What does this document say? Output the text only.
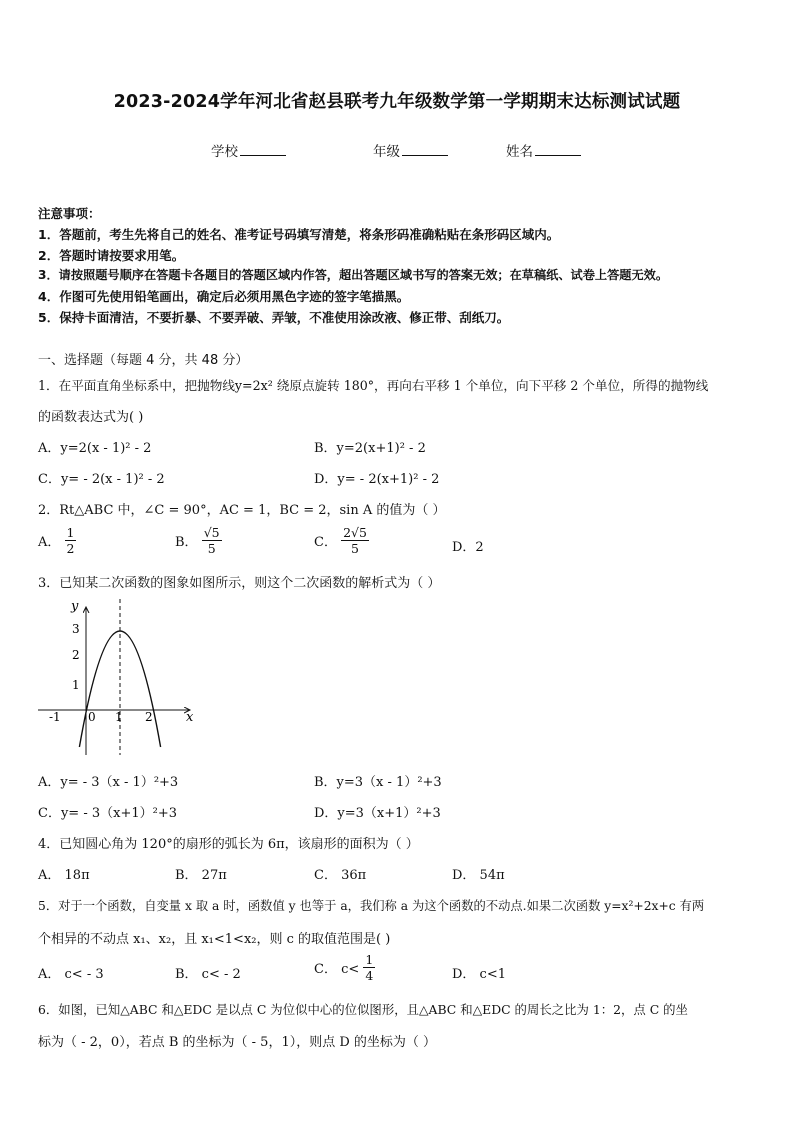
2023-2024学年河北省赵县联考九年级数学第一学期期末达标测试试题
学校	年级	姓名
注意事项：
1．答题前，考生先将自己的姓名、准考证号码填写清楚，将条形码准确粘贴在条形码区域内。
2．答题时请按要求用笔。
3．请按照题号顺序在答题卡各题目的答题区域内作答，超出答题区域书写的答案无效；在草稿纸、试卷上答题无效。
4．作图可先使用铅笔画出，确定后必须用黑色字迹的签字笔描黑。
5．保持卡面清洁，不要折暴、不要弄破、弄皱，不准使用涂改液、修正带、刮纸刀。
一、选择题（每题 4 分，共 48 分）
1．在平面直角坐标系中，把抛物线y=2x² 绕原点旋转 180°，再向右平移 1 个单位，向下平移 2 个单位，所得的抛物线
的函数表达式为( )
A．y=2(x - 1)² - 2	B．y=2(x+1)² - 2
C．y= - 2(x - 1)² - 2	D．y= - 2(x+1)² - 2
2．Rt△ABC 中，∠C = 90°，AC = 1，BC = 2，sin A 的值为（ ）
A． $\frac{1}{2}$	B． $\frac{√5}{5}$	C． $\frac{2√5}{5}$	D．2
3．已知某二次函数的图象如图所示，则这个二次函数的解析式为（ ）
y
x
3
2
1
-1 0 1 2
A．y= - 3（x - 1）²+3	B．y=3（x - 1）²+3
C．y= - 3（x+1）²+3	D．y=3（x+1）²+3
4．已知圆心角为 120°的扇形的弧长为 6π，该扇形的面积为（ ）
A． 18π	B． 27π	C． 36π	D． 54π
5．对于一个函数，自变量 x 取 a 时，函数值 y 也等于 a，我们称 a 为这个函数的不动点.如果二次函数 y=x²+2x+c 有两
个相异的不动点 x₁、x₂，且 x₁<1<x₂，则 c 的取值范围是( )
A． c< - 3	B． c< - 2	C． $c< \frac{1}{4}$	D． c<1
6．如图，已知△ABC 和△EDC 是以点 C 为位似中心的位似图形，且△ABC 和△EDC 的周长之比为 1：2，点 C 的坐
标为（ - 2，0），若点 B 的坐标为（ - 5，1），则点 D 的坐标为（ ）
